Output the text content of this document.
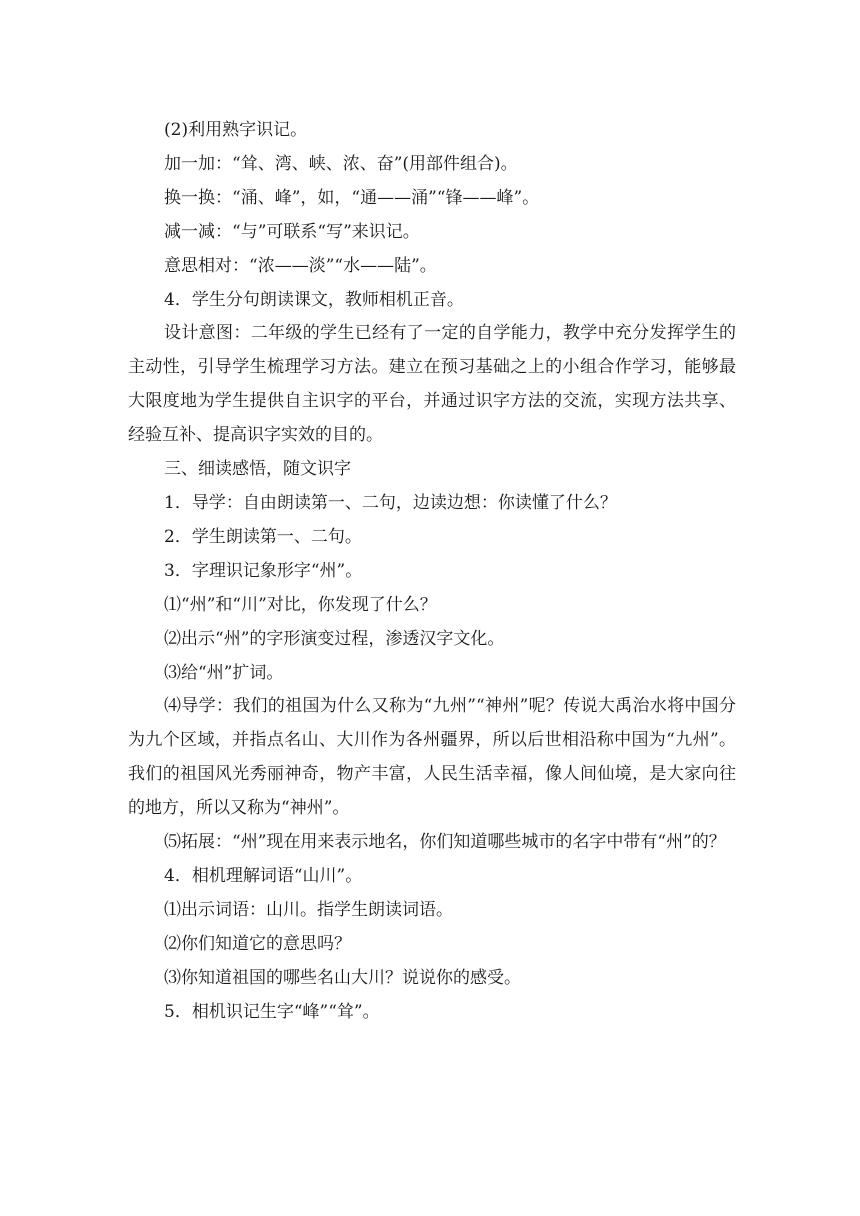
(2)利用熟字识记。

加一加：“耸、湾、峡、浓、奋”(用部件组合)。

换一换：“涌、峰”，如，“通——涌”“锋——峰”。

减一减：“与”可联系“写”来识记。

意思相对：“浓——淡”“水——陆”。

4．学生分句朗读课文，教师相机正音。

设计意图：二年级的学生已经有了一定的自学能力，教学中充分发挥学生的主动性，引导学生梳理学习方法。建立在预习基础之上的小组合作学习，能够最大限度地为学生提供自主识字的平台，并通过识字方法的交流，实现方法共享、经验互补、提高识字实效的目的。

三、细读感悟，随文识字

1．导学：自由朗读第一、二句，边读边想：你读懂了什么？

2．学生朗读第一、二句。

3．字理识记象形字“州”。

⑴“州”和“川”对比，你发现了什么？

⑵出示“州”的字形演变过程，渗透汉字文化。

⑶给“州”扩词。

⑷导学：我们的祖国为什么又称为“九州”“神州”呢？传说大禹治水将中国分为九个区域，并指点名山、大川作为各州疆界，所以后世相沿称中国为“九州”。我们的祖国风光秀丽神奇，物产丰富，人民生活幸福，像人间仙境，是大家向往的地方，所以又称为“神州”。

⑸拓展：“州”现在用来表示地名，你们知道哪些城市的名字中带有“州”的？

4．相机理解词语“山川”。

⑴出示词语：山川。指学生朗读词语。

⑵你们知道它的意思吗？

⑶你知道祖国的哪些名山大川？说说你的感受。

5．相机识记生字“峰”“耸”。
